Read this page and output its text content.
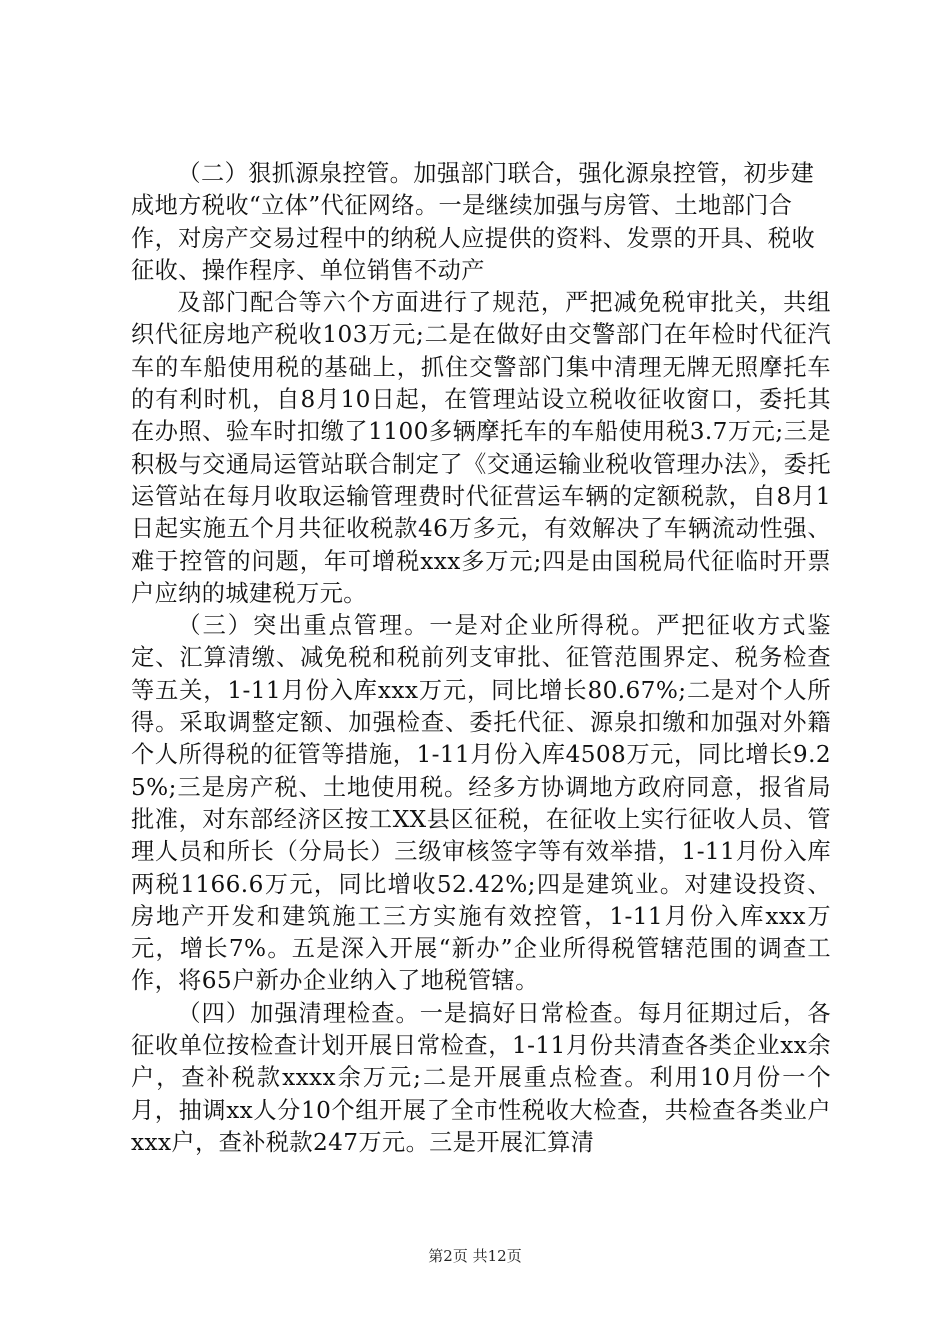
（二）狠抓源泉控管。加强部门联合，强化源泉控管，初步建成地方税收“立体”代征网络。一是继续加强与房管、土地部门合作，对房产交易过程中的纳税人应提供的资料、发票的开具、税收征收、操作程序、单位销售不动产

及部门配合等六个方面进行了规范，严把减免税审批关，共组织代征房地产税收103万元;二是在做好由交警部门在年检时代征汽车的车船使用税的基础上，抓住交警部门集中清理无牌无照摩托车的有利时机，自8月10日起，在管理站设立税收征收窗口，委托其在办照、验车时扣缴了1100多辆摩托车的车船使用税3.7万元;三是积极与交通局运管站联合制定了《交通运输业税收管理办法》，委托运管站在每月收取运输管理费时代征营运车辆的定额税款，自8月1日起实施五个月共征收税款46万多元，有效解决了车辆流动性强、难于控管的问题，年可增税xxx多万元;四是由国税局代征临时开票户应纳的城建税万元。

（三）突出重点管理。一是对企业所得税。严把征收方式鉴定、汇算清缴、减免税和税前列支审批、征管范围界定、税务检查等五关，1-11月份入库xxx万元，同比增长80.67%;二是对个人所得。采取调整定额、加强检查、委托代征、源泉扣缴和加强对外籍个人所得税的征管等措施，1-11月份入库4508万元，同比增长9.25%;三是房产税、土地使用税。经多方协调地方政府同意，报省局批准，对东部经济区按工XX县区征税，在征收上实行征收人员、管理人员和所长（分局长）三级审核签字等有效举措，1-11月份入库两税1166.6万元，同比增收52.42%;四是建筑业。对建设投资、房地产开发和建筑施工三方实施有效控管，1-11月份入库xxx万元，增长7%。五是深入开展“新办”企业所得税管辖范围的调查工作，将65户新办企业纳入了地税管辖。

（四）加强清理检查。一是搞好日常检查。每月征期过后，各征收单位按检查计划开展日常检查，1-11月份共清查各类企业xx余户，查补税款xxxx余万元;二是开展重点检查。利用10月份一个月，抽调xx人分10个组开展了全市性税收大检查，共检查各类业户xxx户，查补税款247万元。三是开展汇算清

第2页 共12页
